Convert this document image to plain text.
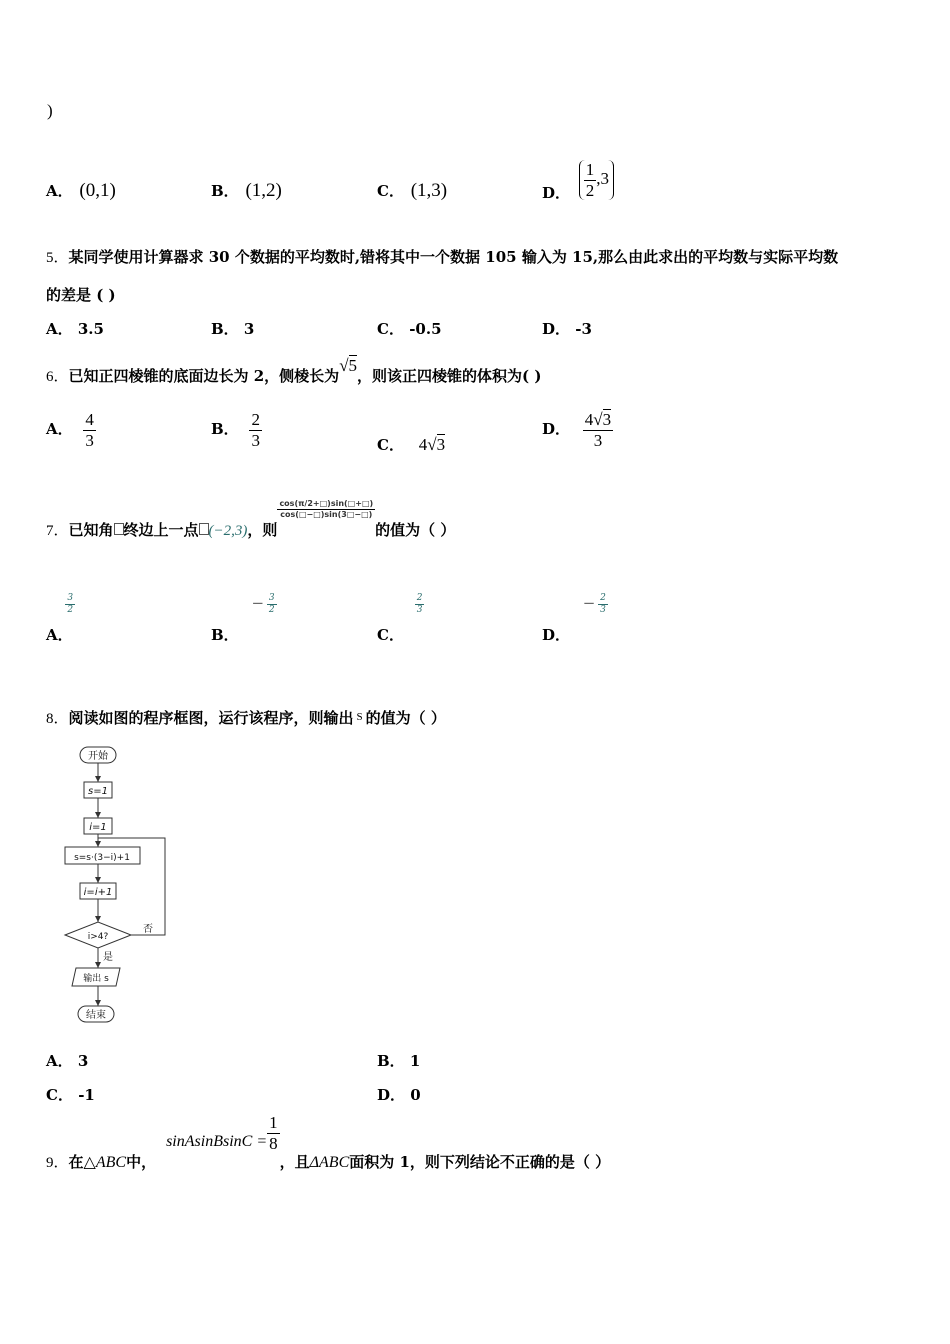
)
A． (0,1)	B． (1,2)	C． (1,3)	D． $\frac{1}{2} ,3$
5．某同学使用计算器求 30 个数据的平均数时,错将其中一个数据 105 输入为 15,那么由此求出的平均数与实际平均数
的差是 ( )
A． 3.5	B． 3	C． -0.5	D． -3
6．已知正四棱锥的底面边长为 2，侧棱长为√5，则该正四棱锥的体积为( )
A． $\frac{4}{3}$	B． $\frac{2}{3}$	C． 4√3
D． $\frac{4√3}{3}$
7．已知角 终边上一点 (−2,3)，则
$\frac{\cos(\pi/2+□)\sin(□+□)}{\cos(□-□)\sin(3□-□)}$
的值为（ ）
A．
$\frac{3}{2}$
B． − $\frac{3}{2}$
C．
$\frac{2}{3}$
D． − $\frac{2}{3}$
8．阅读如图的程序框图，运行该程序，则输出 $^S$ 的值为（ ）
开始
s=1
i=1
s=s·(3−i)+1
i=i+1
i>4?
否
是
输出 s
结束
A． 3	B． 1
C． -1	D． 0
9．在△ABC中，sinAsinBsinC = $\frac{1}{8}$
，且ΔABC面积为 1，则下列结论不正确的是（ ）
